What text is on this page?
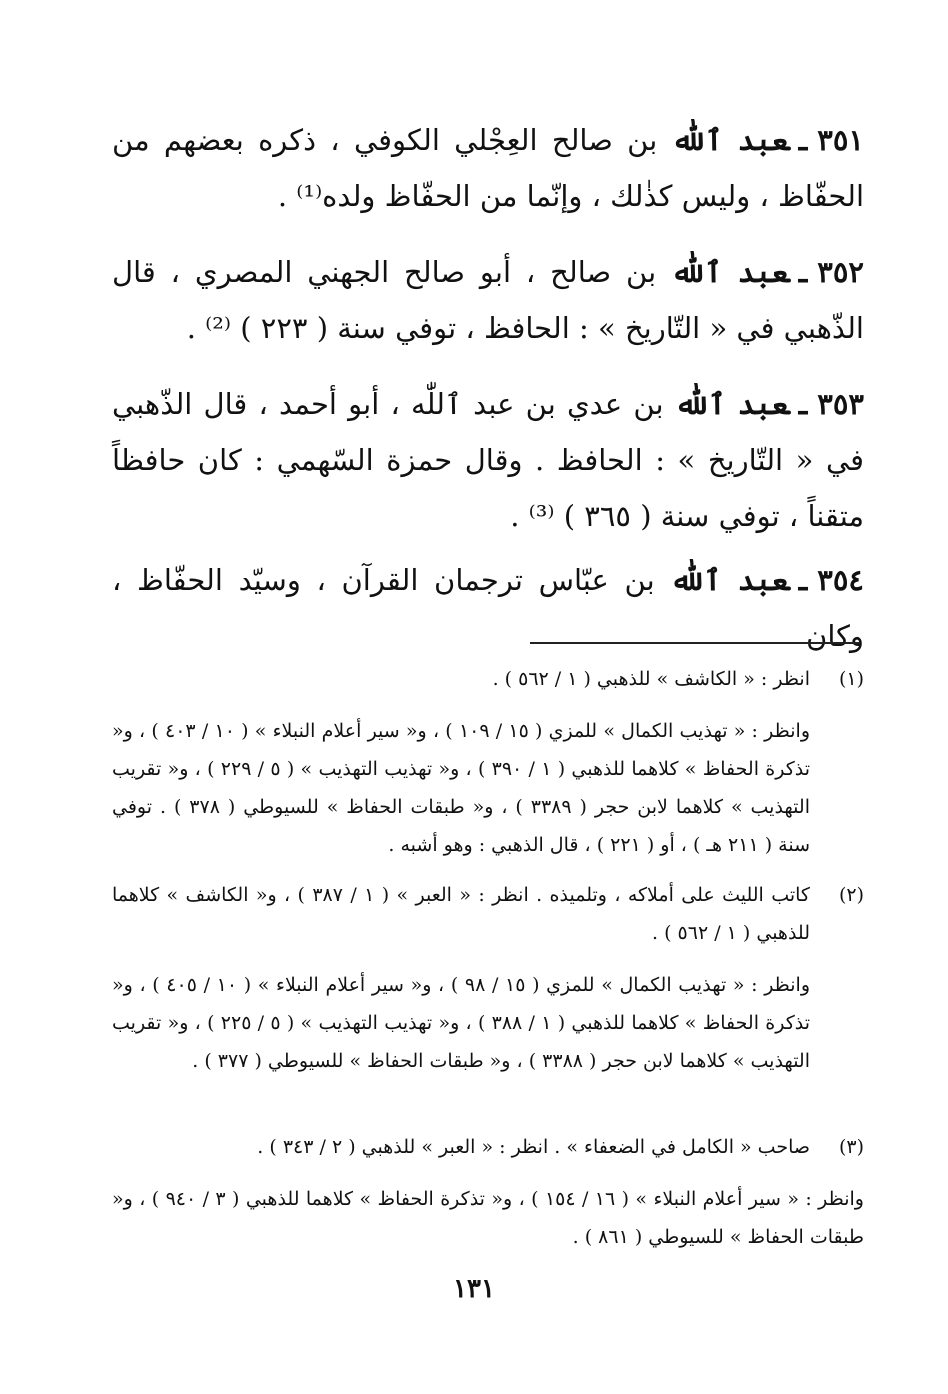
٣٥١ـعبد ٱللّٰه بن صالح العِجْلي الكوفي ، ذكره بعضهم من الحفّاظ ، وليس كذٰلك ، وإنّما من الحفّاظ ولده⁽¹⁾ .
٣٥٢ـعبد ٱللّٰه بن صالح ، أبو صالح الجهني المصري ، قال الذّهبي في « التّاريخ » : الحافظ ، توفي سنة ( ٢٢٣ ) ⁽²⁾ .
٣٥٣ـعبد ٱللّٰه بن عدي بن عبد ٱللّٰه ، أبو أحمد ، قال الذّهبي في « التّاريخ » : الحافظ . وقال حمزة السّهمي : كان حافظاً متقناً ، توفي سنة ( ٣٦٥ ) ⁽³⁾ .
٣٥٤ـعبد ٱللّٰه بن عبّاس ترجمان القرآن ، وسيّد الحفّاظ ، وكان
(١)
انظر : « الكاشف » للذهبي ( ١ / ٥٦٢ ) .
وانظر : « تهذيب الكمال » للمزي ( ١٥ / ١٠٩ ) ، و« سير أعلام النبلاء » ( ١٠ / ٤٠٣ ) ، و« تذكرة الحفاظ » كلاهما للذهبي ( ١ / ٣٩٠ ) ، و« تهذيب التهذيب » ( ٥ / ٢٢٩ ) ، و« تقريب التهذيب » كلاهما لابن حجر ( ٣٣٨٩ ) ، و« طبقات الحفاظ » للسيوطي ( ٣٧٨ ) . توفي سنة ( ٢١١ هـ ) ، أو ( ٢٢١ ) ، قال الذهبي : وهو أشبه .
(٢)
كاتب الليث على أملاكه ، وتلميذه . انظر : « العبر » ( ١ / ٣٨٧ ) ، و« الكاشف » كلاهما للذهبي ( ١ / ٥٦٢ ) .
وانظر : « تهذيب الكمال » للمزي ( ١٥ / ٩٨ ) ، و« سير أعلام النبلاء » ( ١٠ / ٤٠٥ ) ، و« تذكرة الحفاظ » كلاهما للذهبي ( ١ / ٣٨٨ ) ، و« تهذيب التهذيب » ( ٥ / ٢٢٥ ) ، و« تقريب التهذيب » كلاهما لابن حجر ( ٣٣٨٨ ) ، و« طبقات الحفاظ » للسيوطي ( ٣٧٧ ) .
(٣)
صاحب « الكامل في الضعفاء » . انظر : « العبر » للذهبي ( ٢ / ٣٤٣ ) .
وانظر : « سير أعلام النبلاء » ( ١٦ / ١٥٤ ) ، و« تذكرة الحفاظ » كلاهما للذهبي ( ٣ / ٩٤٠ ) ، و« طبقات الحفاظ » للسيوطي ( ٨٦١ ) .
١٣١
